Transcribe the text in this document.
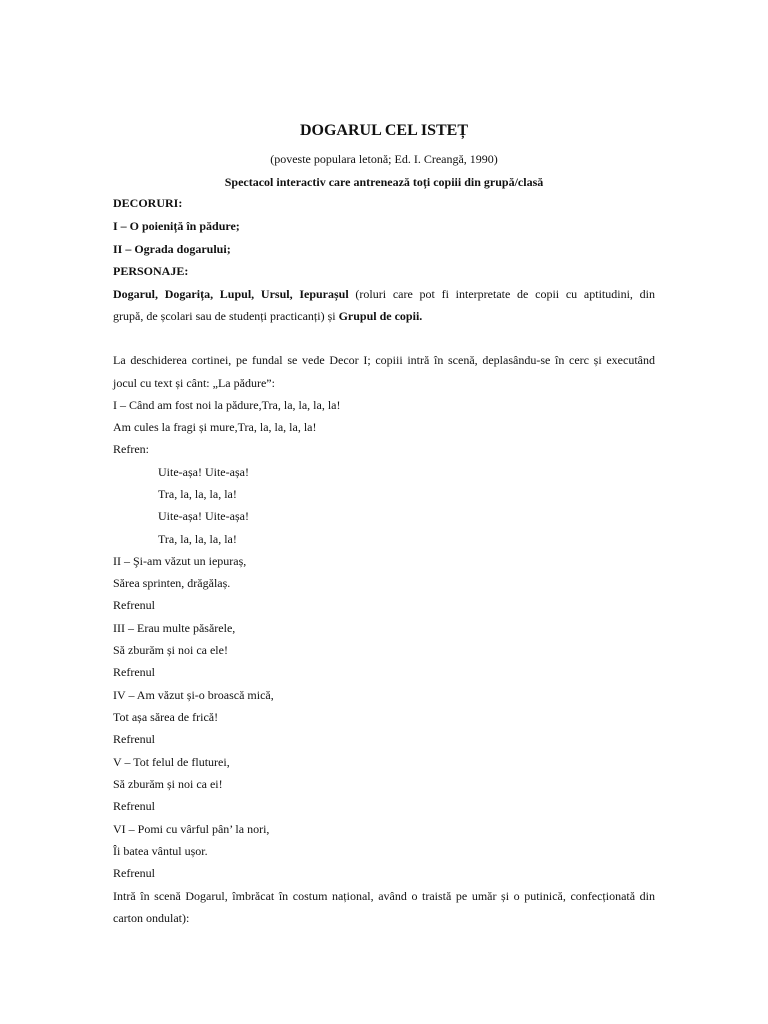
DOGARUL CEL ISTEȚ
(poveste populara letonă; Ed. I. Creangă, 1990)
Spectacol interactiv care antrenează toți copiii din grupă/clasă
DECORURI:
I – O poieniță în pădure;
II – Ograda dogarului;
PERSONAJE:
Dogarul, Dogarița, Lupul, Ursul, Iepurașul (roluri care pot fi interpretate de copii cu aptitudini, din
grupă, de școlari sau de studenți practicanți) și Grupul de copii.
La deschiderea cortinei, pe fundal se vede Decor I; copiii intră în scenă, deplasându-se în cerc și executând
jocul cu text și cânt: „La pădure”:
I – Când am fost noi la pădure,Tra, la, la, la, la!
Am cules la fragi și mure,Tra, la, la, la, la!
Refren:
Uite-așa! Uite-așa!
Tra, la, la, la, la!
Uite-așa! Uite-așa!
Tra, la, la, la, la!
II – Şi-am văzut un iepuraș,
Sărea sprinten, drăgălaș.
Refrenul
III – Erau multe păsărele,
Să zburăm și noi ca ele!
Refrenul
IV – Am văzut și-o broască mică,
Tot așa sărea de frică!
Refrenul
V – Tot felul de fluturei,
Să zburăm și noi ca ei!
Refrenul
VI – Pomi cu vârful pân’ la nori,
Îi batea vântul ușor.
Refrenul
Intră în scenă Dogarul, îmbrăcat în costum național, având o traistă pe umăr și o putinică, confecționată din
carton ondulat):
